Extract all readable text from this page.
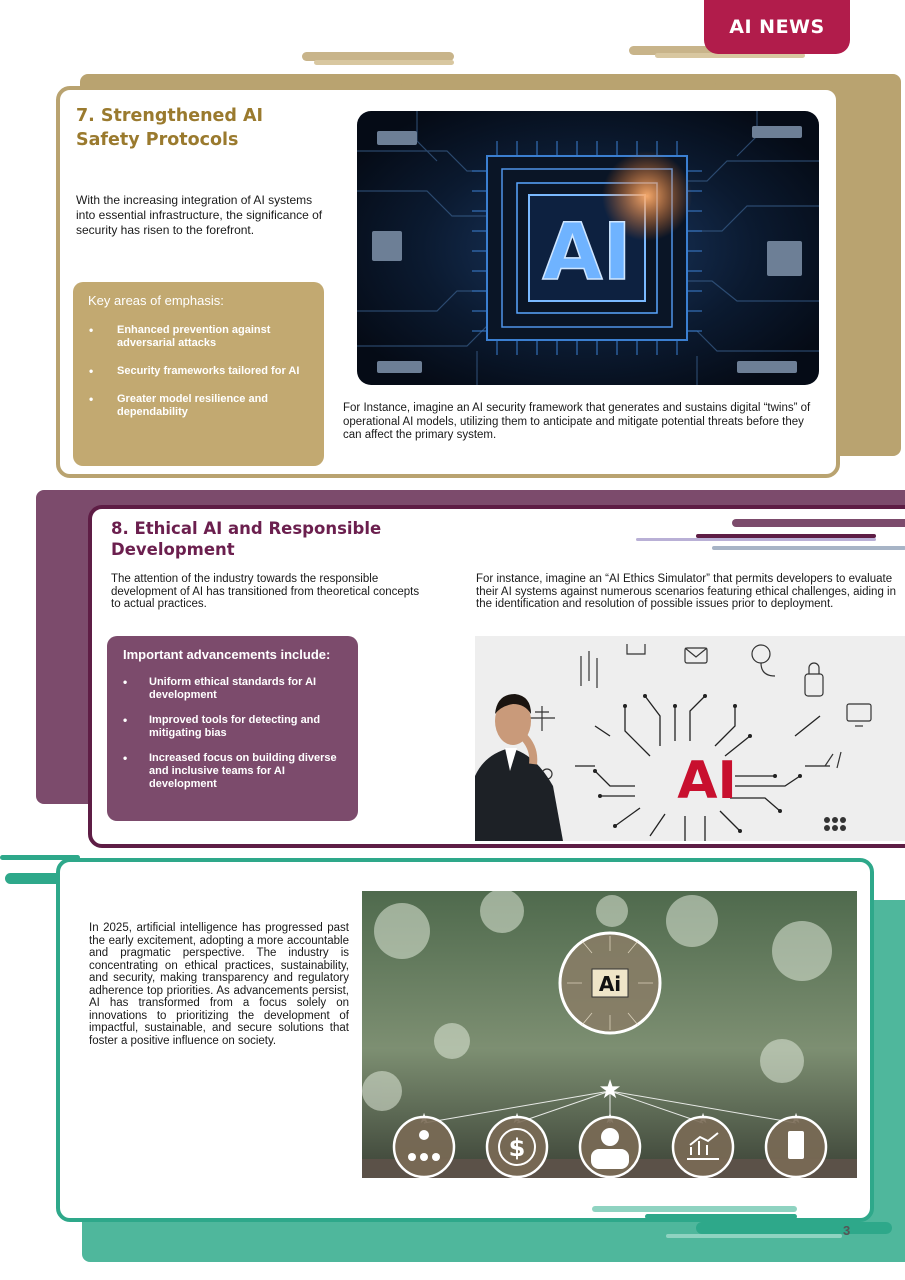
AI NEWS
7. Strengthened AI Safety Protocols
With the increasing integration of AI systems into essential infrastructure, the significance of security has risen to the forefront.
Key areas of emphasis:
• Enhanced prevention against adversarial attacks
• Security frameworks tailored for AI
• Greater model resilience and dependability
AI
For Instance, imagine an AI security framework that generates and sustains digital “twins” of operational AI models, utilizing them to anticipate and mitigate potential threats before they can affect the primary system.
8. Ethical AI and Responsible Development
The attention of the industry towards the responsible development of AI has transitioned from theoretical concepts to actual practices.
Important advancements include:
• Uniform ethical standards for AI development
• Improved tools for detecting and mitigating bias
• Increased focus on building diverse and inclusive teams for AI development
For instance, imagine an “AI Ethics Simulator” that permits developers to evaluate their AI systems against numerous scenarios featuring ethical challenges, aiding in the identification and resolution of possible issues prior to deployment.
AI
In 2025, artificial intelligence has progressed past the early excitement, adopting a more accountable and pragmatic perspective. The industry is concentrating on ethical practices, sustainability, and security, making transparency and regulatory adherence top priorities. As advancements persist, AI has transformed from a focus solely on innovations to prioritizing the development of impactful, sustainable, and secure solutions that foster a positive influence on society.
Ai
★
$
3
